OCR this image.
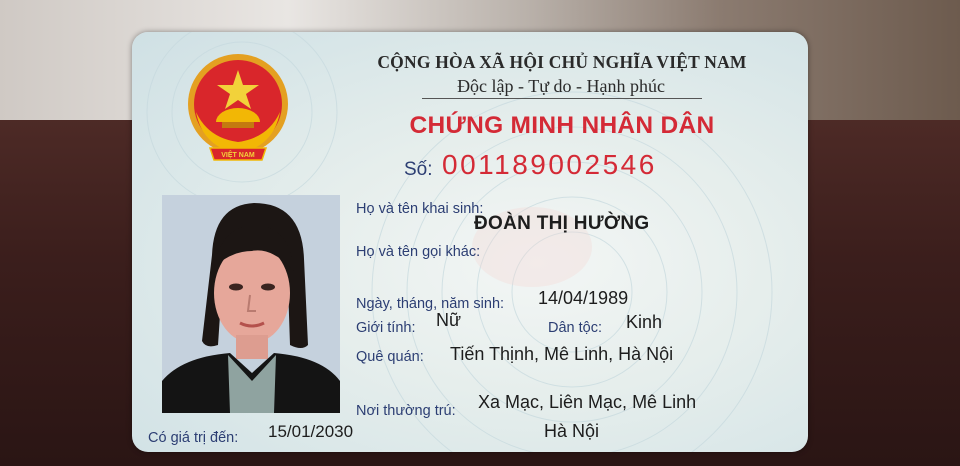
VIỆT NAM
CỘNG HÒA XÃ HỘI CHỦ NGHĨA VIỆT NAM
Độc lập - Tự do - Hạnh phúc
CHỨNG MINH NHÂN DÂN
Số: 001189002546
Họ và tên khai sinh:
ĐOÀN THỊ HƯỜNG
Họ và tên gọi khác:
Ngày, tháng, năm sinh: 14/04/1989
Giới tính: Nữ	Dân tộc: Kinh
Quê quán: Tiến Thịnh, Mê Linh, Hà Nội
Nơi thường trú: Xa Mạc, Liên Mạc, Mê Linh
Hà Nội
Có giá trị đến: 15/01/2030
